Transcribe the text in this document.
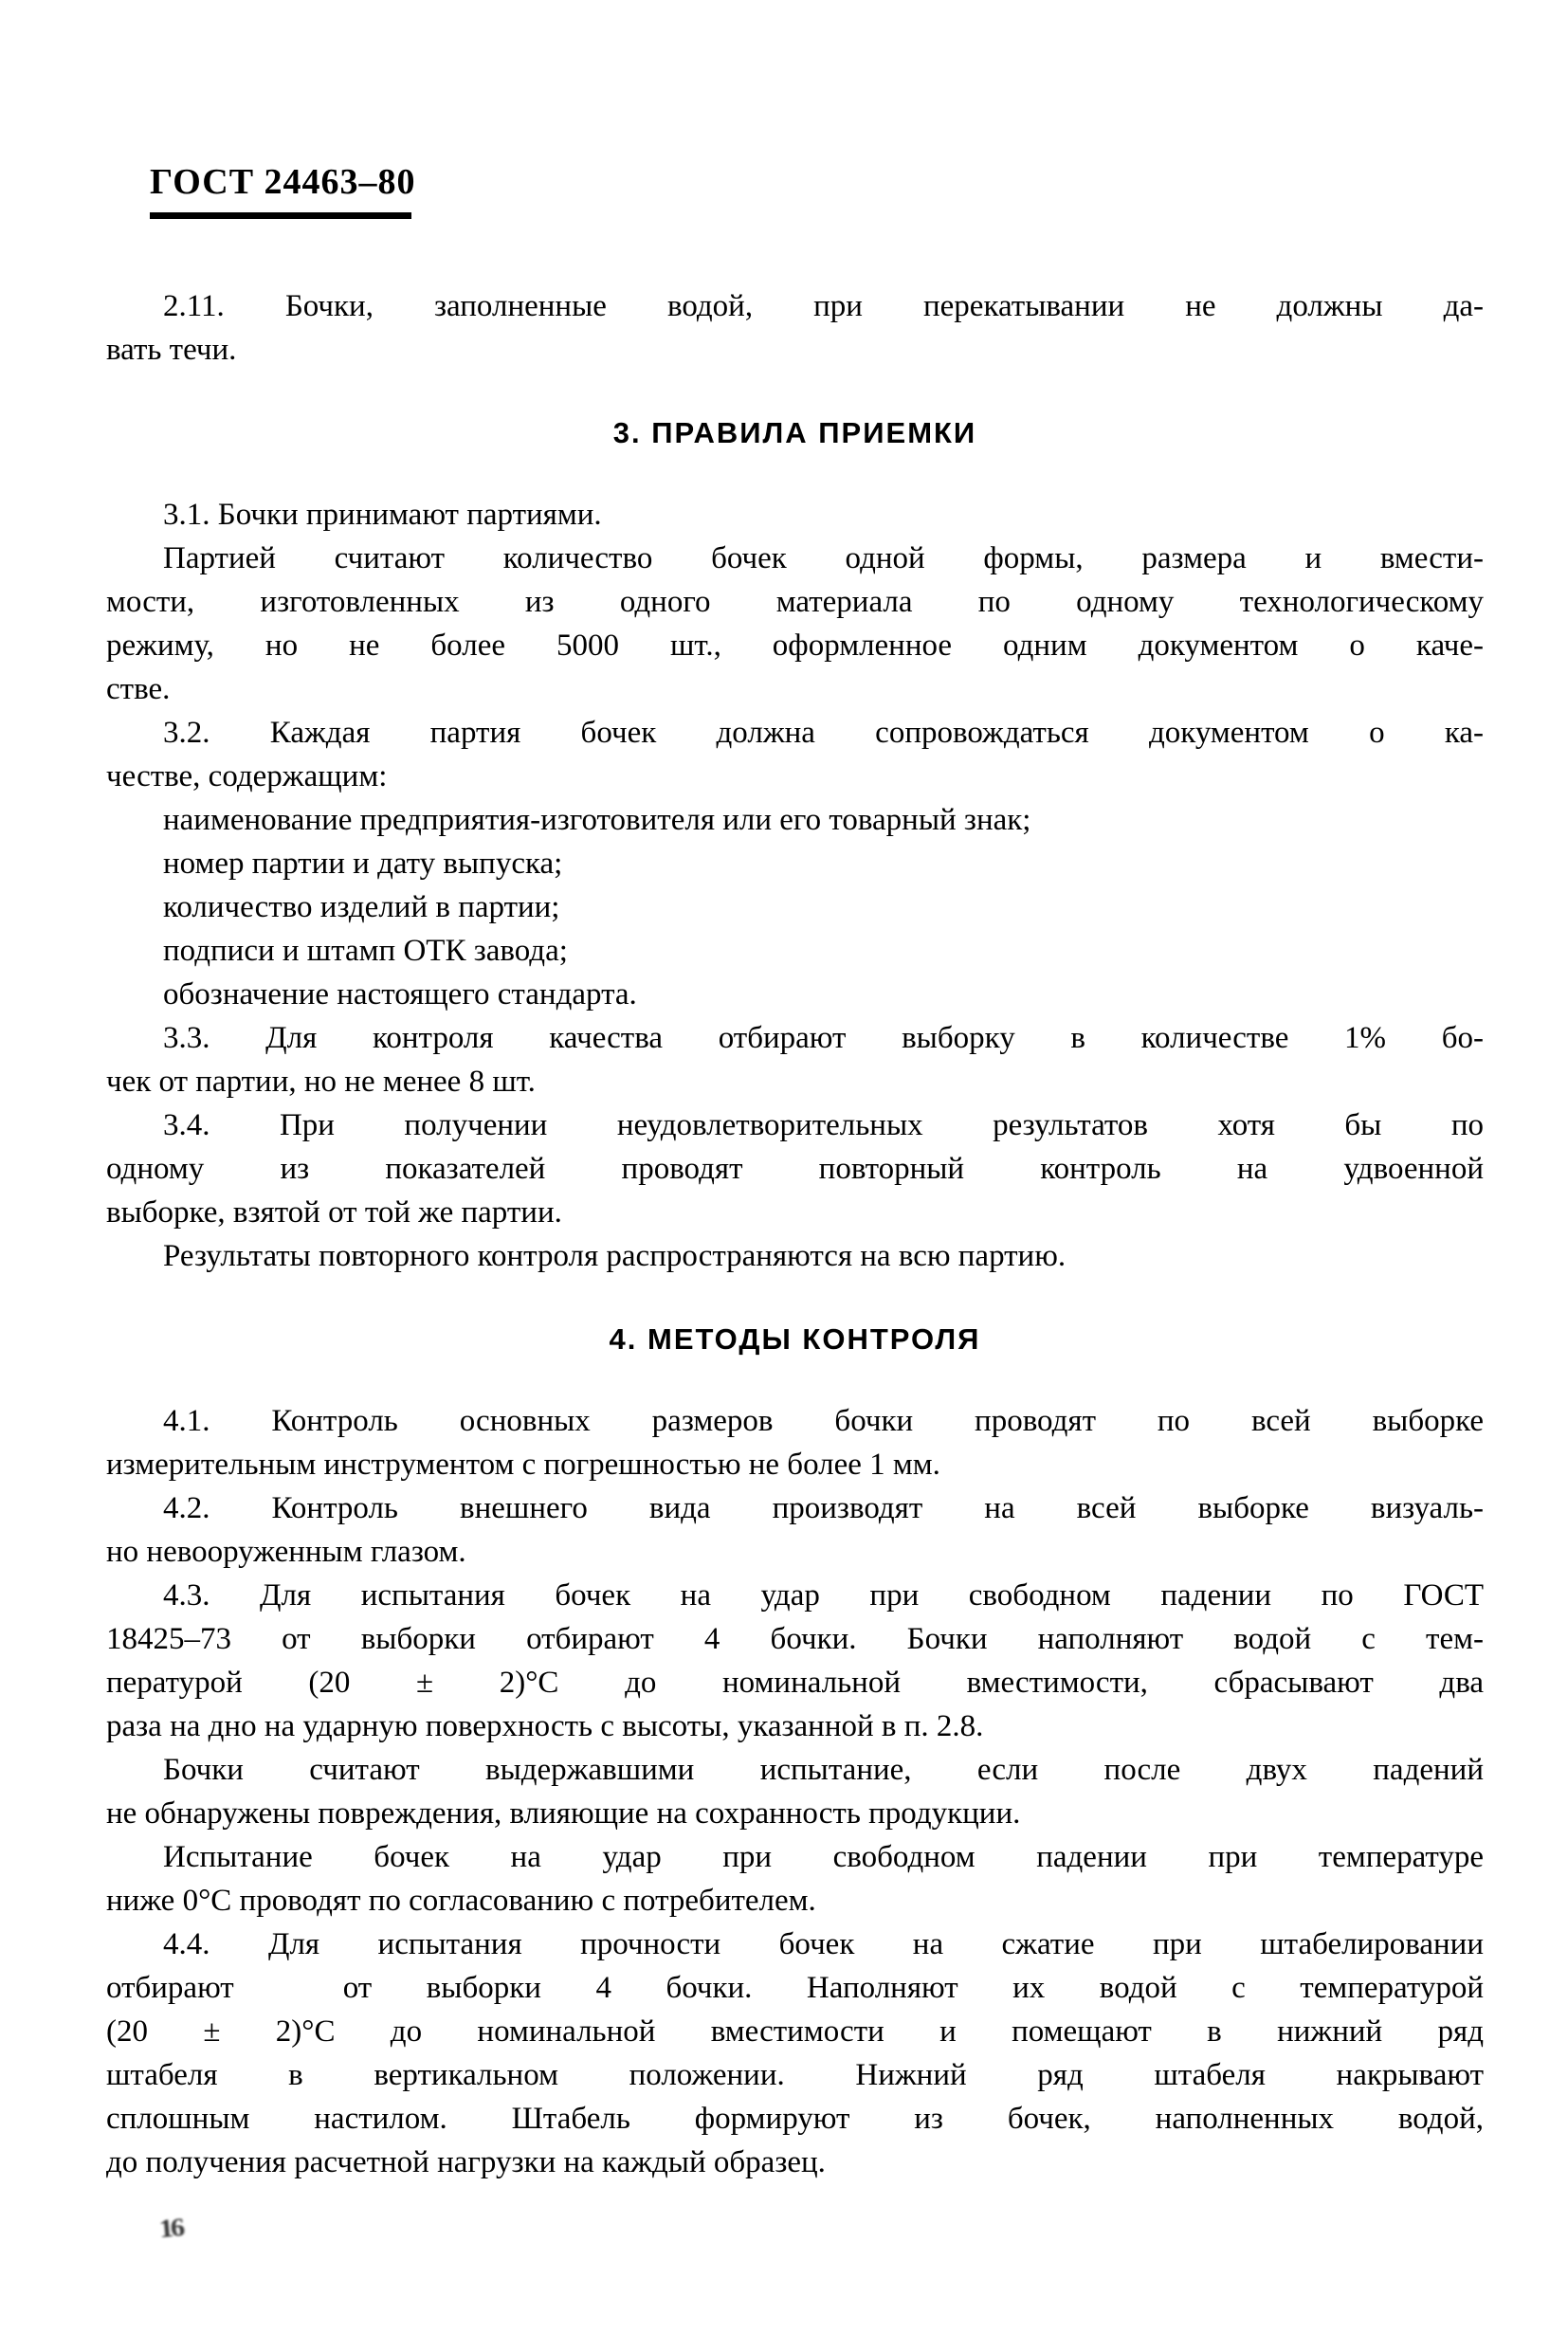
ГОСТ 24463–80
2.11. Бочки, заполненные водой, при перекатывании не должны да-
вать течи.
3. ПРАВИЛА ПРИЕМКИ
3.1. Бочки принимают партиями.
Партией считают количество бочек одной формы, размера и вмести-
мости, изготовленных из одного материала по одному технологическому
режиму, но не более 5000 шт., оформленное одним документом о каче-
стве.
3.2. Каждая партия бочек должна сопровождаться документом о ка-
честве, содержащим:
наименование предприятия-изготовителя или его товарный знак;
номер партии и дату выпуска;
количество изделий в партии;
подписи и штамп ОТК завода;
обозначение настоящего стандарта.
3.3. Для контроля качества отбирают выборку в количестве 1% бо-
чек от партии, но не менее 8 шт.
3.4. При получении неудовлетворительных результатов хотя бы по
одному из показателей проводят повторный контроль на удвоенной
выборке, взятой от той же партии.
Результаты повторного контроля распространяются на всю партию.
4. МЕТОДЫ КОНТРОЛЯ
4.1. Контроль основных размеров бочки проводят по всей выборке
измерительным инструментом с погрешностью не более 1 мм.
4.2. Контроль внешнего вида производят на всей выборке визуаль-
но невооруженным глазом.
4.3. Для испытания бочек на удар при свободном падении по ГОСТ
18425–73 от выборки отбирают 4 бочки. Бочки наполняют водой с тем-
пературой (20 ± 2)°С до номинальной вместимости, сбрасывают два
раза на дно на ударную поверхность с высоты, указанной в п. 2.8.
Бочки считают выдержавшими испытание, если после двух падений
не обнаружены повреждения, влияющие на сохранность продукции.
Испытание бочек на удар при свободном падении при температуре
ниже 0°С проводят по согласованию с потребителем.
4.4. Для испытания прочности бочек на сжатие при штабелировании
отбирают  от выборки 4 бочки. Наполняют их водой с температурой
(20 ± 2)°С до номинальной вместимости и помещают в нижний ряд
штабеля в вертикальном положении. Нижний ряд штабеля накрывают
сплошным настилом. Штабель формируют из бочек, наполненных водой,
до получения расчетной нагрузки на каждый образец.
16
